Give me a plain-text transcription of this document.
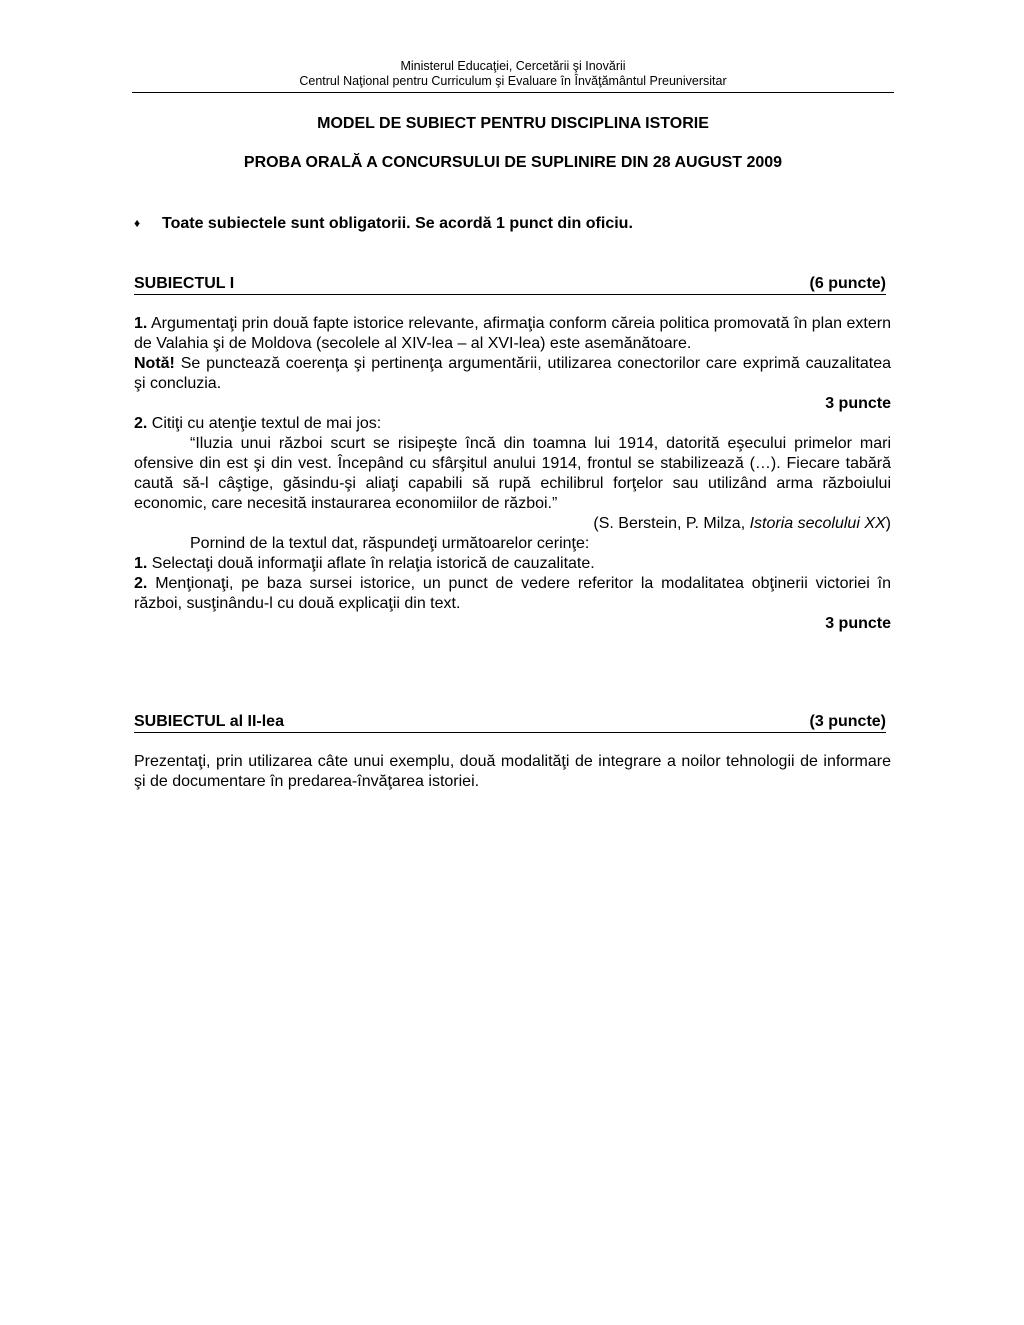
Ministerul Educaţiei, Cercetării şi Inovării
Centrul Naţional pentru Curriculum şi Evaluare în Învăţământul Preuniversitar
MODEL DE SUBIECT PENTRU DISCIPLINA ISTORIE
PROBA ORALĂ A CONCURSULUI DE SUPLINIRE DIN 28 AUGUST 2009
♦ Toate subiectele sunt obligatorii. Se acordă 1 punct din oficiu.
SUBIECTUL I	(6 puncte)

1. Argumentaţi prin două fapte istorice relevante, afirmaţia conform căreia politica promovată în plan extern de Valahia şi de Moldova (secolele al XIV-lea – al XVI-lea) este asemănătoare.

Notă! Se punctează coerenţa şi pertinenţa argumentării, utilizarea conectorilor care exprimă cauzalitatea şi concluzia.

3 puncte

2. Citiţi cu atenţie textul de mai jos:

“Iluzia unui război scurt se risipeşte încă din toamna lui 1914, datorită eşecului primelor mari ofensive din est şi din vest. Începând cu sfârşitul anului 1914, frontul se stabilizează (…). Fiecare tabără caută să-l câştige, găsindu-şi aliaţi capabili să rupă echilibrul forţelor sau utilizând arma războiului economic, care necesită instaurarea economiilor de război.”

(S. Berstein, P. Milza, Istoria secolului XX)

Pornind de la textul dat, răspundeţi următoarelor cerinţe:

1. Selectaţi două informaţii aflate în relaţia istorică de cauzalitate.

2. Menţionaţi, pe baza sursei istorice, un punct de vedere referitor la modalitatea obţinerii victoriei în război, susţinându-l cu două explicaţii din text.

3 puncte

SUBIECTUL al II-lea	(3 puncte)

Prezentaţi, prin utilizarea câte unui exemplu, două modalităţi de integrare a noilor tehnologii de informare şi de documentare în predarea-învăţarea istoriei.
